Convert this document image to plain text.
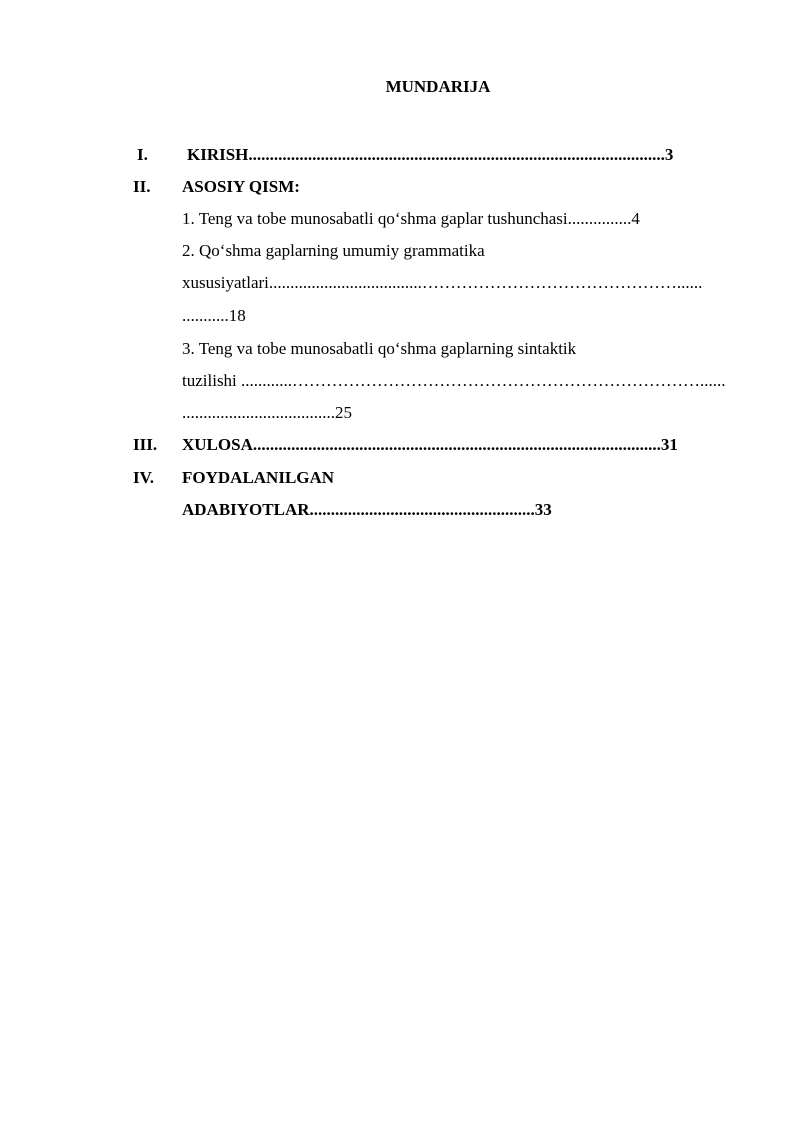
MUNDARIJA
I. KIRISH..................................................................................................3
II. ASOSIY QISM:
1. Teng va tobe munosabatli qo‘shma gaplar tushunchasi...............4
2. Qo‘shma gaplarning umumiy grammatika
xususiyatlari....................................………………………………………......
...........18
3. Teng va tobe munosabatli qo‘shma gaplarning sintaktik
tuzilishi ............………………………………………………………………......
....................................25
III. XULOSA................................................................................................31
IV. FOYDALANILGAN
ADABIYOTLAR.....................................................33
